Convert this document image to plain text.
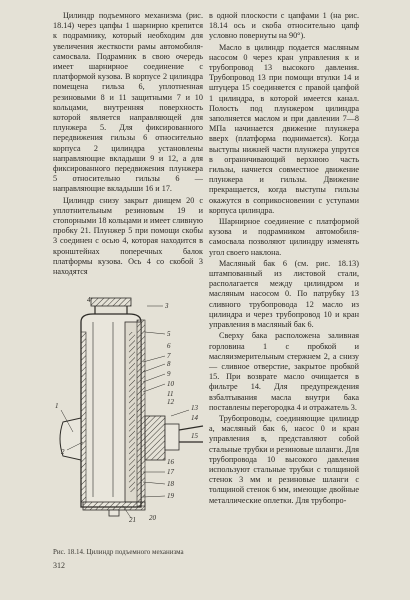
Цилиндр подъемного механизма (рис. 18.14) через цапфы 1 шарнирно крепится к подрамнику, который необходим для увеличения жесткости рамы автомобиля-самосвала. Подрамник в свою очередь имеет шарнирное соединение с платформой кузова. В корпусе 2 цилиндра помещена гильза 6, уплотненная резиновыми 8 и 11 защитными 7 и 10 кольцами, внутренняя поверхность которой является направляющей для плунжера 5. Для фиксированного передвижения гильзы 6 относительно корпуса 2 цилиндра установлены направляющие вкладыши 9 и 12, а для фиксированного передвижения плунжера 5 относительно гильзы 6 — направляющие вкладыши 16 и 17.

Цилиндр снизу закрыт днищем 20 с уплотнительным резиновым 19 и стопорными 18 кольцами и имеет сливную пробку 21. Плунжер 5 при помощи скобы 3 соединен с осью 4, которая находится в кронштейнах поперечных балок платформы кузова. Ось 4 со скобой 3 находятся

в одной плоскости с цапфами 1 (на рис. 18.14 ось и скоба относительно цапф условно повернуты на 90°).

Масло в цилиндр подается масляным насосом 0 через кран управления к и трубопровод 13 высокого давления. Трубопровод 13 при помощи втулки 14 и штуцера 15 соединяется с правой цапфой 1 цилиндра, в которой имеется канал. Полость под плунжером цилиндра заполняется маслом и при давлении 7—8 МПа начинается движение плунжера вверх (платформа поднимается). Когда выступы нижней части плунжера упрутся в ограничивающий верхнюю часть гильзы, начнется совместное движение плунжера и гильзы. Движение прекращается, когда выступы гильзы окажутся в соприкосновении с уступами корпуса цилиндра.

Шарнирное соединение с платформой кузова и подрамником автомобиля-самосвала позволяют цилиндру изменять угол своего наклона.

Масляный бак 6 (см. рис. 18.13) штампованный из листовой стали, располагается между цилиндром и масляным насосом 0. По патрубку 13 сливного трубопровода 12 масло из цилиндра и через трубопровод 10 и кран управления в масляный бак 6.

Сверху бака расположена заливная горловина 1 с пробкой и масляизмерительным стержнем 2, а снизу — сливное отверстие, закрытое пробкой 15. При возврате масло очищается в фильтре 14. Для предупреждения взбалтывания масла внутри бака поставлены перегородка 4 и отражатель 3.

Трубопроводы, соединяющие цилиндр а, масляный бак 6, насос 0 и кран управления в, представляют собой стальные трубки и резиновые шланги. Для трубопровода 10 высокого давления используют стальные трубки с толщиной стенок 3 мм и резиновые шланги с толщиной стенок 6 мм, имеющие двойные металлические оплетки. Для трубопро-

4
3
5
6
7
8
9
10
11
12
13
14
15
1
2
16
17
18
19
20
21
Рис. 18.14. Цилиндр подъемного механизма
312
